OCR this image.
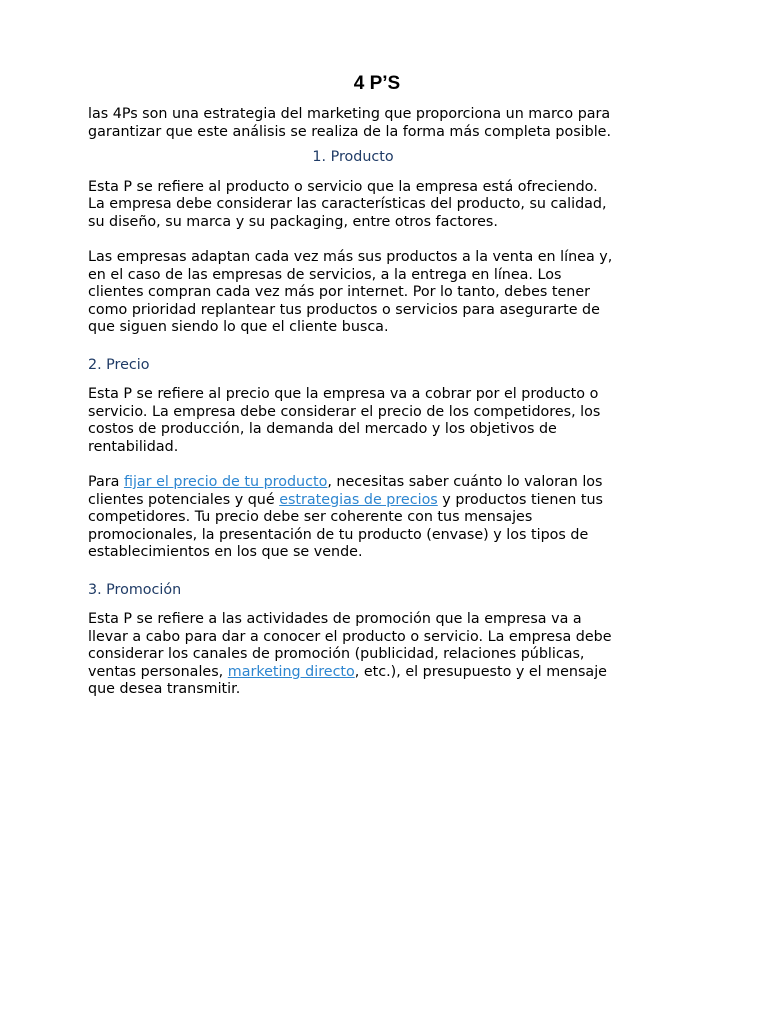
4 P’S

las 4Ps son una estrategia del marketing que proporciona un marco para garantizar que este análisis se realiza de la forma más completa posible.

1. Producto

Esta P se refiere al producto o servicio que la empresa está ofreciendo. La empresa debe considerar las características del producto, su calidad, su diseño, su marca y su packaging, entre otros factores.

Las empresas adaptan cada vez más sus productos a la venta en línea y, en el caso de las empresas de servicios, a la entrega en línea. Los clientes compran cada vez más por internet. Por lo tanto, debes tener como prioridad replantear tus productos o servicios para asegurarte de que siguen siendo lo que el cliente busca.

2. Precio

Esta P se refiere al precio que la empresa va a cobrar por el producto o servicio. La empresa debe considerar el precio de los competidores, los costos de producción, la demanda del mercado y los objetivos de rentabilidad.

Para fijar el precio de tu producto, necesitas saber cuánto lo valoran los clientes potenciales y qué estrategias de precios y productos tienen tus competidores. Tu precio debe ser coherente con tus mensajes promocionales, la presentación de tu producto (envase) y los tipos de establecimientos en los que se vende.

3. Promoción

Esta P se refiere a las actividades de promoción que la empresa va a llevar a cabo para dar a conocer el producto o servicio. La empresa debe considerar los canales de promoción (publicidad, relaciones públicas, ventas personales, marketing directo, etc.), el presupuesto y el mensaje que desea transmitir.
